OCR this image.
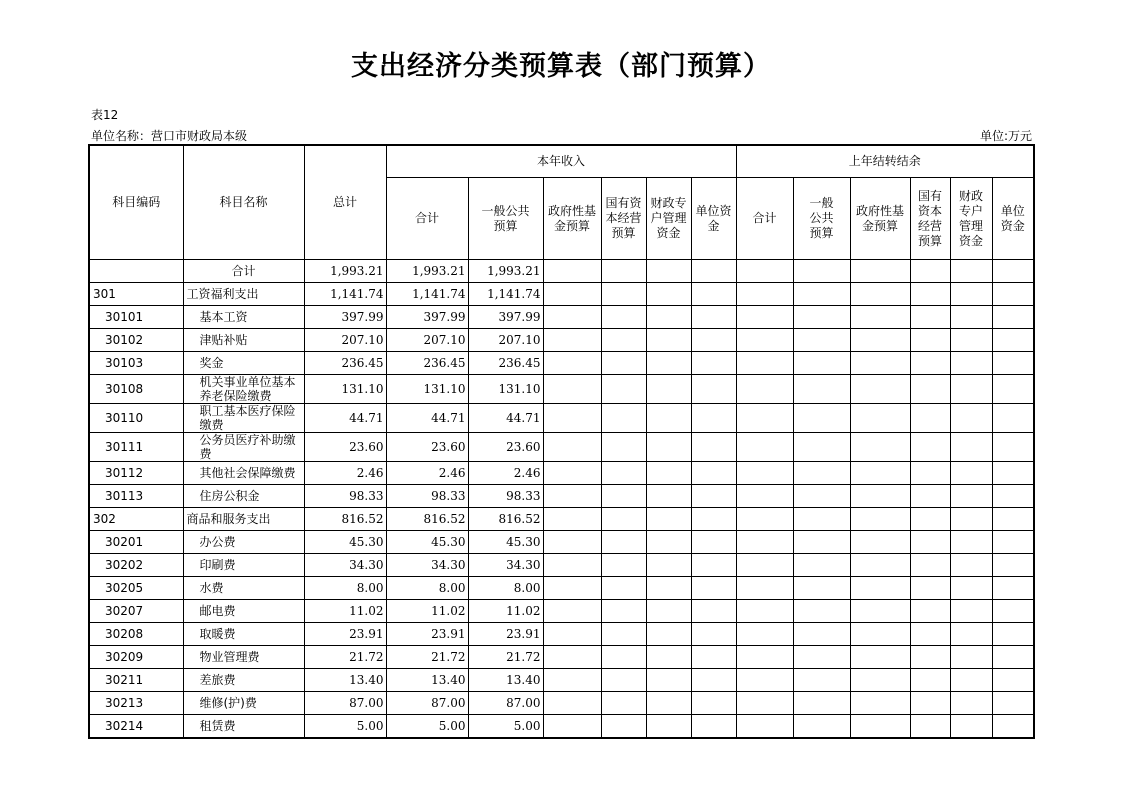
支出经济分类预算表（部门预算）
表12
单位名称：营口市财政局本级	单位:万元
科目编码	科目名称	总计	本年收入						上年结转结余					
			合计	一般公共预算	政府性基金预算	国有资本经营预算	财政专户管理资金	单位资金	合计	一般公共预算	政府性基金预算	国有资本经营预算	财政专户管理资金	单位资金
	合计	1,993.21	1,993.21	1,993.21										
301	工资福利支出	1,141.74	1,141.74	1,141.74										
30101	基本工资	397.99	397.99	397.99										
30102	津贴补贴	207.10	207.10	207.10										
30103	奖金	236.45	236.45	236.45										
30108	机关事业单位基本养老保险缴费	131.10	131.10	131.10										
30110	职工基本医疗保险缴费	44.71	44.71	44.71										
30111	公务员医疗补助缴费	23.60	23.60	23.60										
30112	其他社会保障缴费	2.46	2.46	2.46										
30113	住房公积金	98.33	98.33	98.33										
302	商品和服务支出	816.52	816.52	816.52										
30201	办公费	45.30	45.30	45.30										
30202	印刷费	34.30	34.30	34.30										
30205	水费	8.00	8.00	8.00										
30207	邮电费	11.02	11.02	11.02										
30208	取暖费	23.91	23.91	23.91										
30209	物业管理费	21.72	21.72	21.72										
30211	差旅费	13.40	13.40	13.40										
30213	维修(护)费	87.00	87.00	87.00										
30214	租赁费	5.00	5.00	5.00										
